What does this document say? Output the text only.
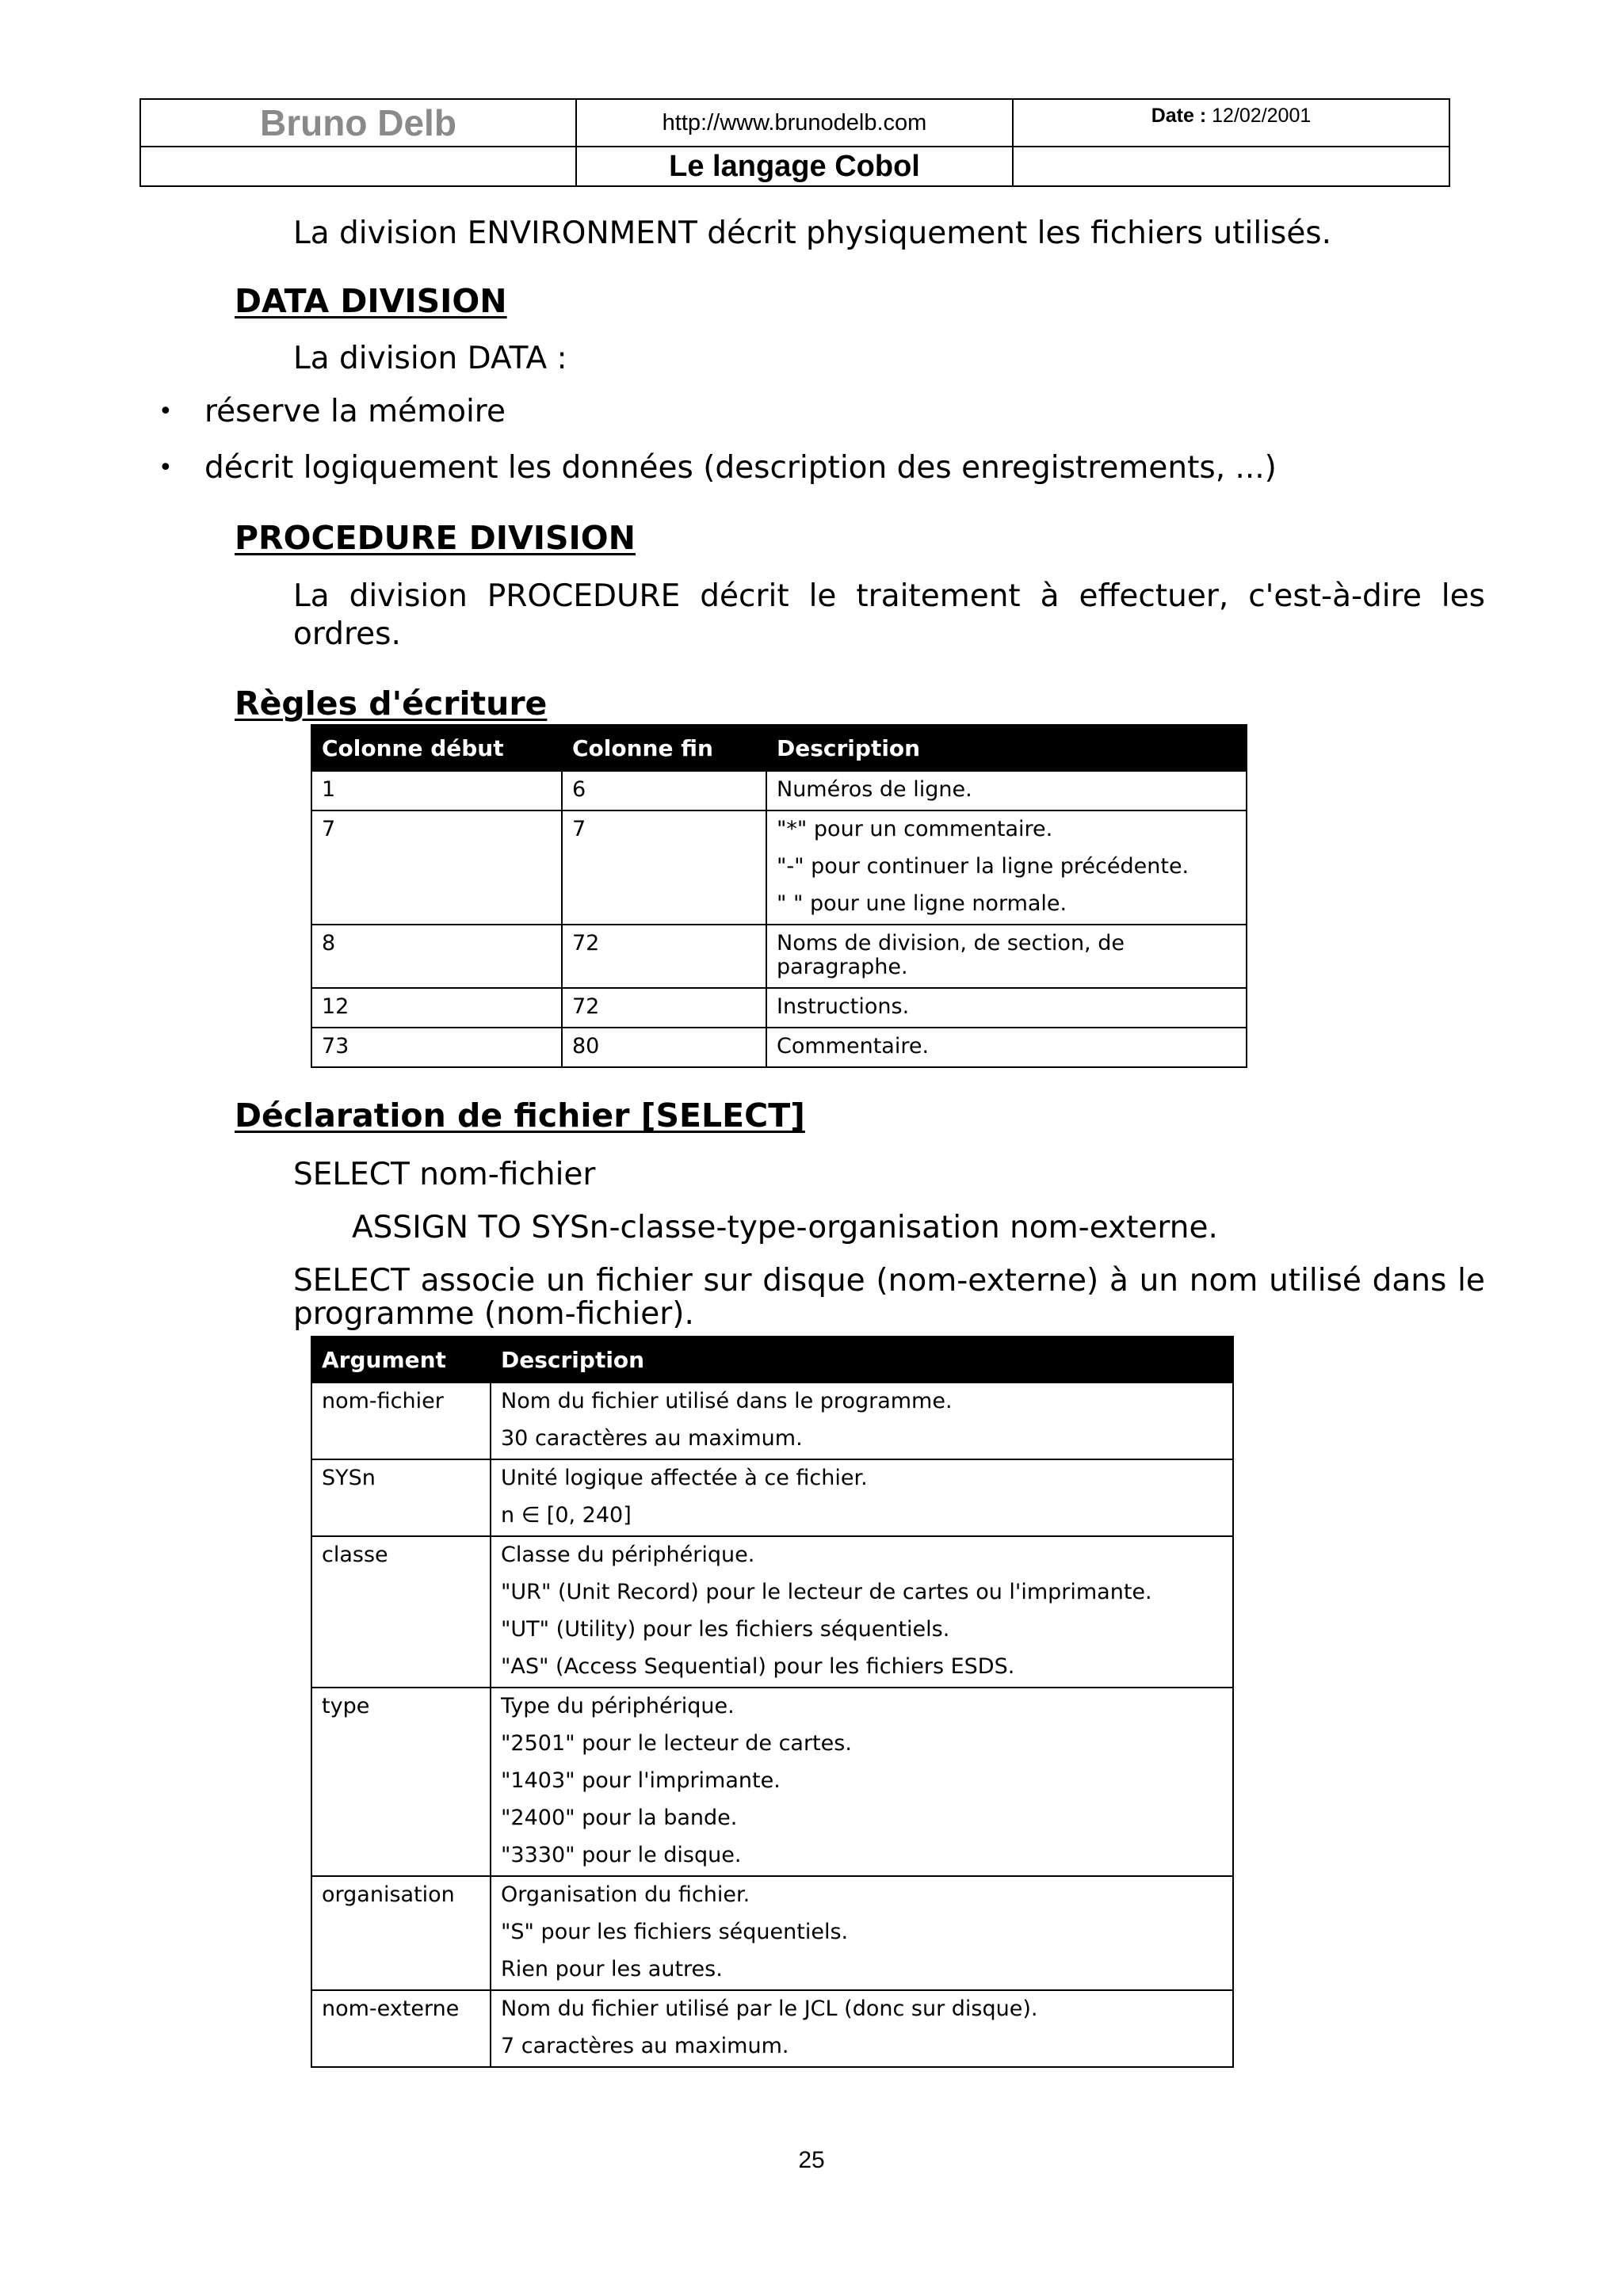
Bruno Delb	http://www.brunodelb.com	Date : 12/02/2001
	Le langage Cobol	
La division ENVIRONMENT décrit physiquement les fichiers utilisés.
DATA DIVISION
La division DATA :
• réserve la mémoire
• décrit logiquement les données (description des enregistrements, ...)
PROCEDURE DIVISION
La division PROCEDURE décrit le traitement à effectuer, c'est-à-dire les
ordres.
Règles d'écriture
Colonne début	Colonne fin	Description
1	6	Numéros de ligne.

7	7	"*" pour un commentaire.
"-" pour continuer la ligne précédente.
" " pour une ligne normale.

8	72	Noms de division, de section, de paragraphe.

12	72	Instructions.

73	80	Commentaire.
Déclaration de fichier [SELECT]
SELECT nom-fichier
ASSIGN TO SYSn-classe-type-organisation nom-externe.
SELECT associe un fichier sur disque (nom-externe) à un nom utilisé dans le
programme (nom-fichier).
Argument	Description
nom-fichier	Nom du fichier utilisé dans le programme.
30 caractères au maximum.

SYSn	Unité logique affectée à ce fichier.
n ∈ [0, 240]

classe	Classe du périphérique.
"UR" (Unit Record) pour le lecteur de cartes ou l'imprimante.
"UT" (Utility) pour les fichiers séquentiels.
"AS" (Access Sequential) pour les fichiers ESDS.

type	Type du périphérique.
"2501" pour le lecteur de cartes.
"1403" pour l'imprimante.
"2400" pour la bande.
"3330" pour le disque.

organisation	Organisation du fichier.
"S" pour les fichiers séquentiels.
Rien pour les autres.

nom-externe	Nom du fichier utilisé par le JCL (donc sur disque).
7 caractères au maximum.
25
